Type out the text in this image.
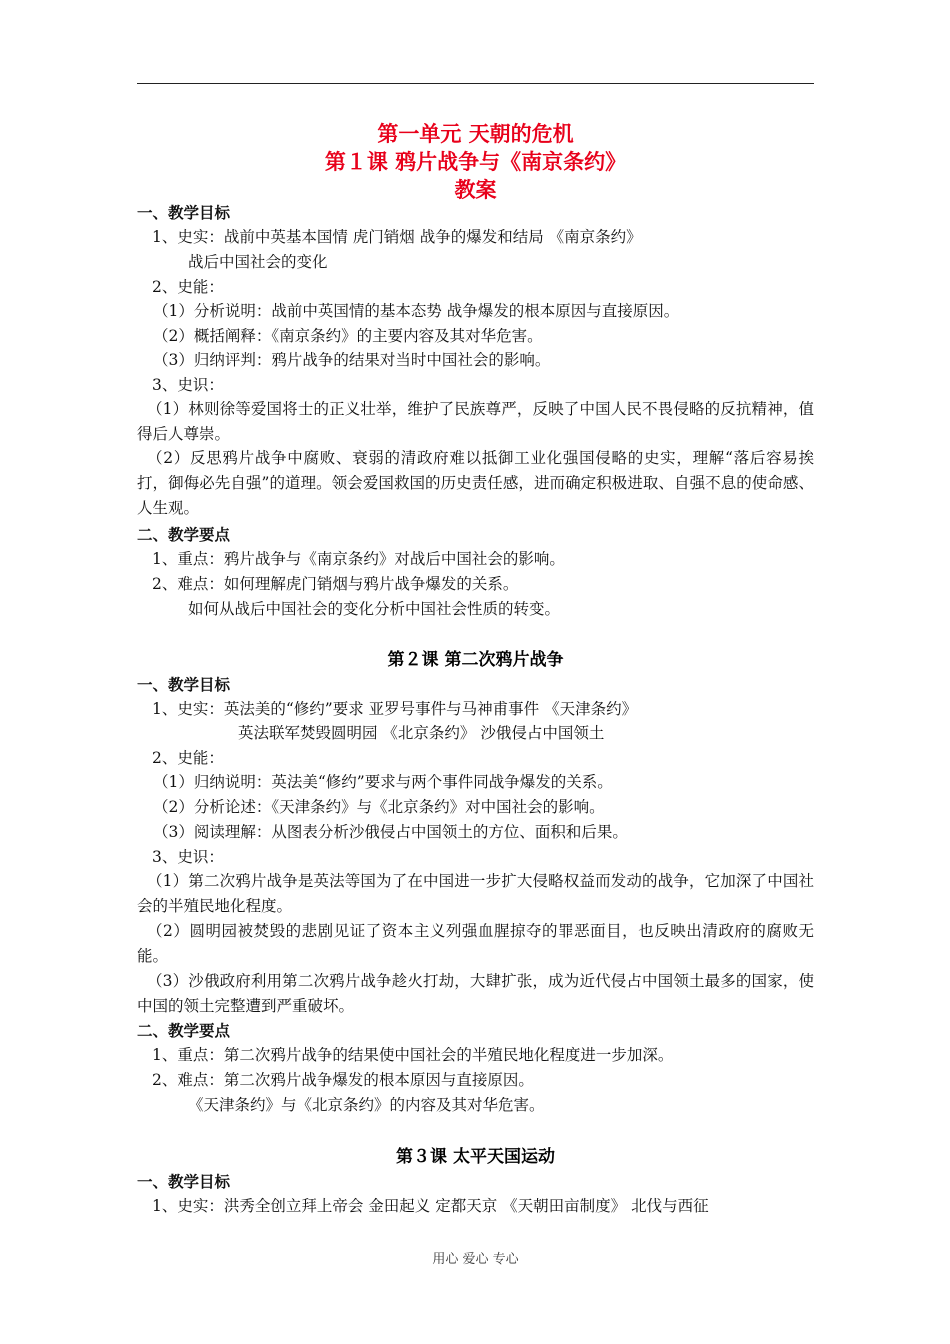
第一单元 天朝的危机
第１课 鸦片战争与《南京条约》
教案
一、教学目标
1、史实：战前中英基本国情 虎门销烟 战争的爆发和结局 《南京条约》
战后中国社会的变化
2、史能：
（1）分析说明：战前中英国情的基本态势 战争爆发的根本原因与直接原因。
（2）概括阐释：《南京条约》的主要内容及其对华危害。
（3）归纳评判：鸦片战争的结果对当时中国社会的影响。
3、史识：
（1）林则徐等爱国将士的正义壮举，维护了民族尊严，反映了中国人民不畏侵略的反抗精神，值得后人尊崇。
（2）反思鸦片战争中腐败、衰弱的清政府难以抵御工业化强国侵略的史实，理解“落后容易挨打，御侮必先自强”的道理。领会爱国救国的历史责任感，进而确定积极进取、自强不息的使命感、人生观。
二、教学要点
1、重点：鸦片战争与《南京条约》对战后中国社会的影响。
2、难点：如何理解虎门销烟与鸦片战争爆发的关系。
如何从战后中国社会的变化分析中国社会性质的转变。
第２课 第二次鸦片战争
一、教学目标
1、史实：英法美的“修约”要求 亚罗号事件与马神甫事件 《天津条约》
英法联军焚毁圆明园 《北京条约》 沙俄侵占中国领土
2、史能：
（1）归纳说明：英法美“修约”要求与两个事件同战争爆发的关系。
（2）分析论述：《天津条约》与《北京条约》对中国社会的影响。
（3）阅读理解：从图表分析沙俄侵占中国领土的方位、面积和后果。
3、史识：
（1）第二次鸦片战争是英法等国为了在中国进一步扩大侵略权益而发动的战争，它加深了中国社会的半殖民地化程度。
（2）圆明园被焚毁的悲剧见证了资本主义列强血腥掠夺的罪恶面目，也反映出清政府的腐败无能。
（3）沙俄政府利用第二次鸦片战争趁火打劫，大肆扩张，成为近代侵占中国领土最多的国家，使中国的领土完整遭到严重破坏。
二、教学要点
1、重点：第二次鸦片战争的结果使中国社会的半殖民地化程度进一步加深。
2、难点：第二次鸦片战争爆发的根本原因与直接原因。
《天津条约》与《北京条约》的内容及其对华危害。
第３课 太平天国运动
一、教学目标
1、史实：洪秀全创立拜上帝会 金田起义 定都天京 《天朝田亩制度》 北伐与西征
用心 爱心 专心
